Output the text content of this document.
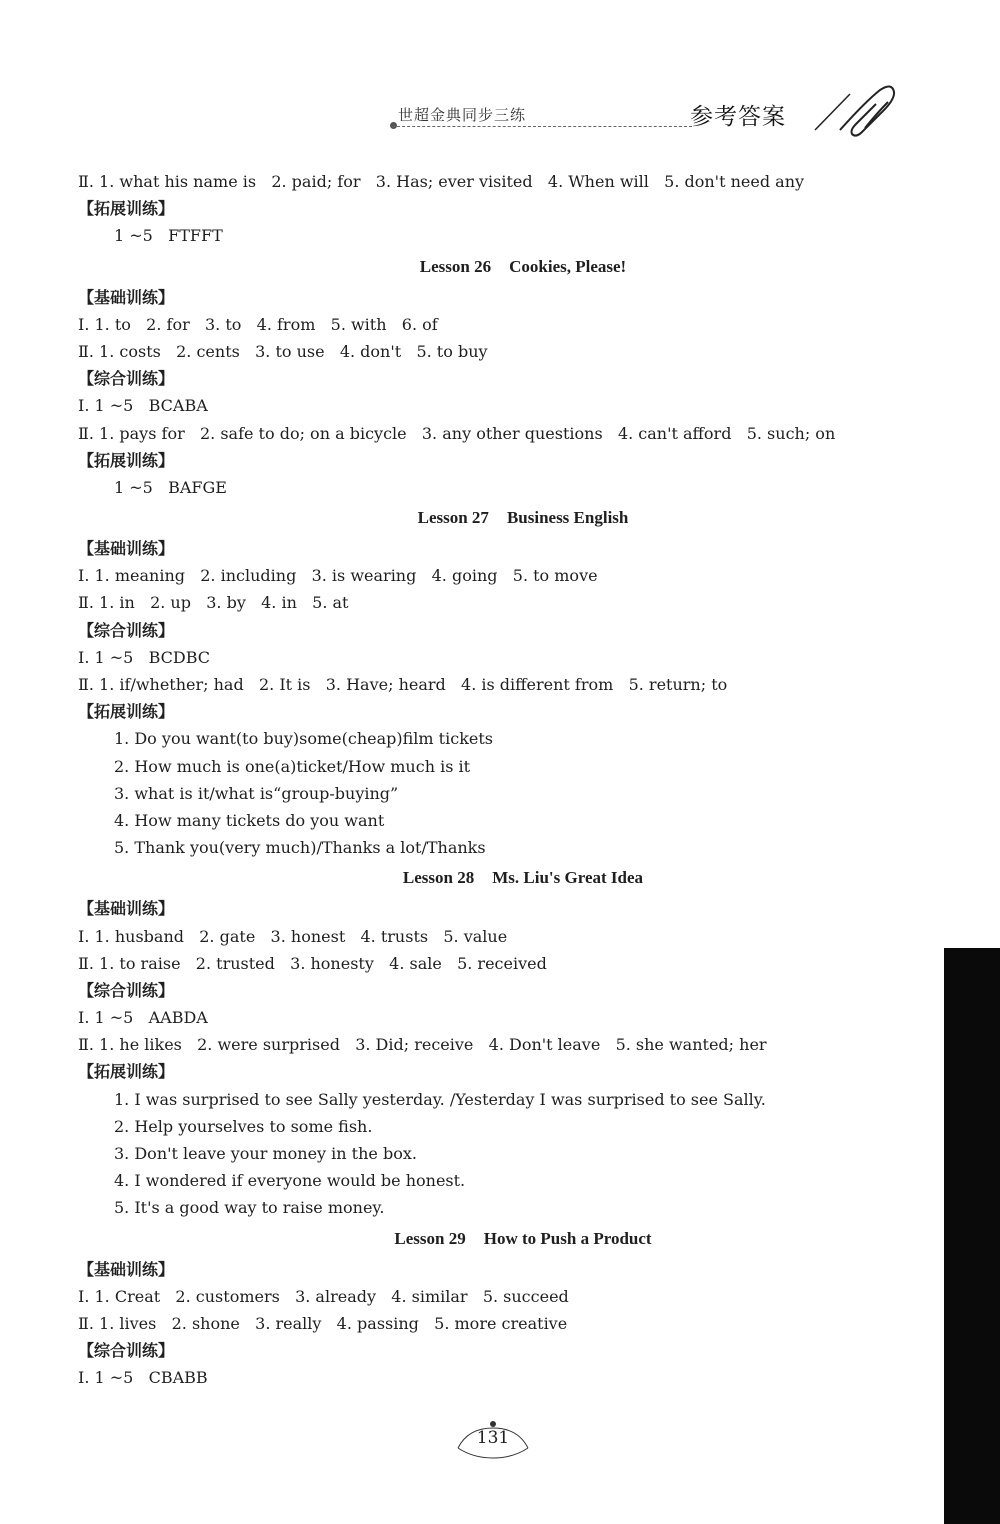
世超金典同步三练	参考答案
Ⅱ. 1. what his name is   2. paid; for   3. Has; ever visited   4. When will   5. don't need any
【拓展训练】
1 ~5   FTFFT
Lesson 26 Cookies, Please!
【基础训练】
Ⅰ. 1. to   2. for   3. to   4. from   5. with   6. of
Ⅱ. 1. costs   2. cents   3. to use   4. don't   5. to buy
【综合训练】
Ⅰ. 1 ~5   BCABA
Ⅱ. 1. pays for   2. safe to do; on a bicycle   3. any other questions   4. can't afford   5. such; on
【拓展训练】
1 ~5   BAFGE
Lesson 27 Business English
【基础训练】
Ⅰ. 1. meaning   2. including   3. is wearing   4. going   5. to move
Ⅱ. 1. in   2. up   3. by   4. in   5. at
【综合训练】
Ⅰ. 1 ~5   BCDBC
Ⅱ. 1. if/whether; had   2. It is   3. Have; heard   4. is different from   5. return; to
【拓展训练】
1. Do you want(to buy)some(cheap)film tickets
2. How much is one(a)ticket/How much is it
3. what is it/what is“group-buying”
4. How many tickets do you want
5. Thank you(very much)/Thanks a lot/Thanks
Lesson 28 Ms. Liu's Great Idea
【基础训练】
Ⅰ. 1. husband   2. gate   3. honest   4. trusts   5. value
Ⅱ. 1. to raise   2. trusted   3. honesty   4. sale   5. received
【综合训练】
Ⅰ. 1 ~5   AABDA
Ⅱ. 1. he likes   2. were surprised   3. Did; receive   4. Don't leave   5. she wanted; her
【拓展训练】
1. I was surprised to see Sally yesterday. /Yesterday I was surprised to see Sally.
2. Help yourselves to some fish.
3. Don't leave your money in the box.
4. I wondered if everyone would be honest.
5. It's a good way to raise money.
Lesson 29 How to Push a Product
【基础训练】
Ⅰ. 1. Creat   2. customers   3. already   4. similar   5. succeed
Ⅱ. 1. lives   2. shone   3. really   4. passing   5. more creative
【综合训练】
Ⅰ. 1 ~5   CBABB
131
